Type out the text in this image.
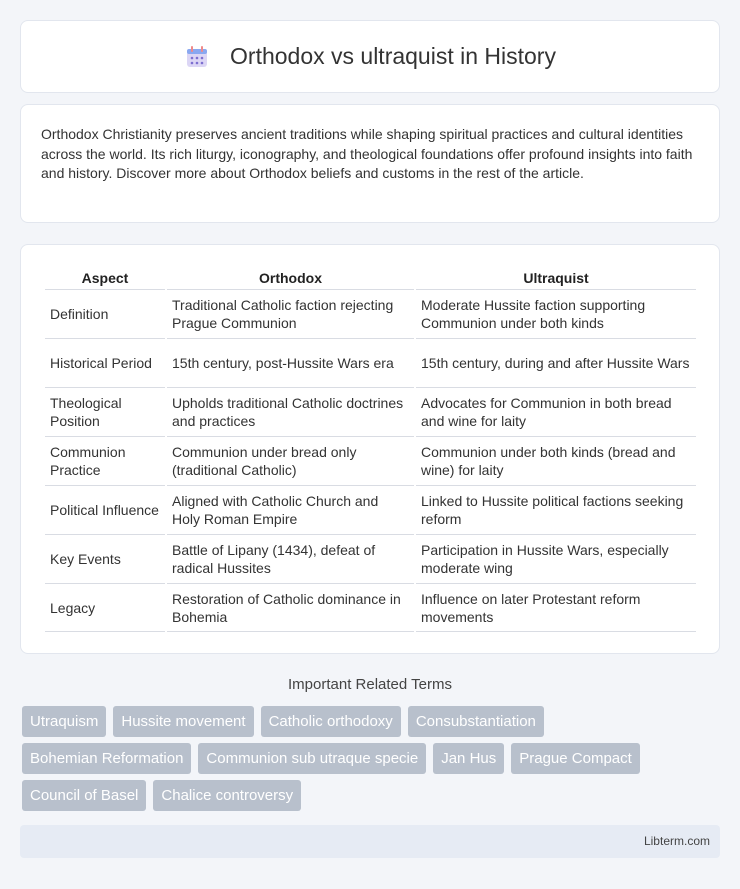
Orthodox vs ultraquist in History

Orthodox Christianity preserves ancient traditions while shaping spiritual practices and cultural identities across the world. Its rich liturgy, iconography, and theological foundations offer profound insights into faith and history. Discover more about Orthodox beliefs and customs in the rest of the article.

Aspect	Orthodox	Ultraquist
Definition	Traditional Catholic faction rejecting Prague Communion	Moderate Hussite faction supporting Communion under both kinds
Historical Period	15th century, post-Hussite Wars era	15th century, during and after Hussite Wars
Theological Position	Upholds traditional Catholic doctrines and practices	Advocates for Communion in both bread and wine for laity
Communion Practice	Communion under bread only (traditional Catholic)	Communion under both kinds (bread and wine) for laity
Political Influence	Aligned with Catholic Church and Holy Roman Empire	Linked to Hussite political factions seeking reform
Key Events	Battle of Lipany (1434), defeat of radical Hussites	Participation in Hussite Wars, especially moderate wing
Legacy	Restoration of Catholic dominance in Bohemia	Influence on later Protestant reform movements
Important Related Terms
Utraquism	Hussite movement	Catholic orthodoxy	Consubstantiation
Bohemian Reformation	Communion sub utraque specie	Jan Hus	Prague Compact
Council of Basel	Chalice controversy
Libterm.com
